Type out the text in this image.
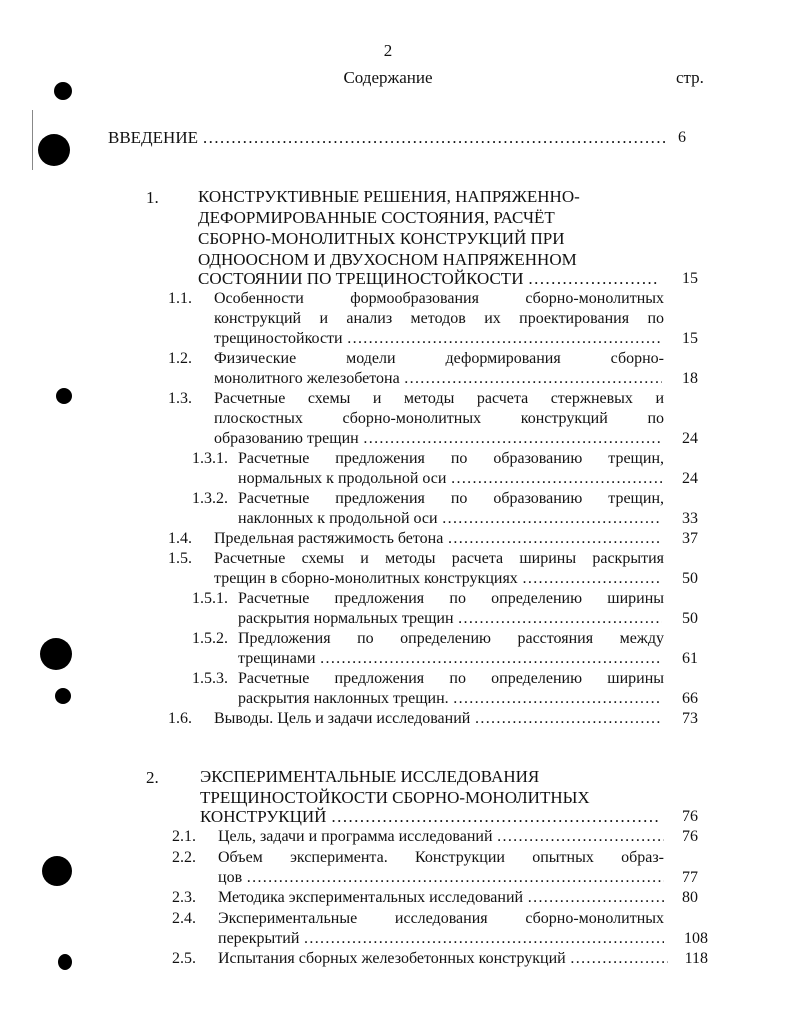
2
Содержание	стр.
ВВЕДЕНИЕ ……………………………………………………………………………………………………………………	6
1. КОНСТРУКТИВНЫЕ РЕШЕНИЯ, НАПРЯЖЕННО-
ДЕФОРМИРОВАННЫЕ СОСТОЯНИЯ, РАСЧЁТ
СБОРНО-МОНОЛИТНЫХ КОНСТРУКЦИЙ ПРИ
ОДНООСНОМ И ДВУХОСНОМ НАПРЯЖЕННОМ
СОСТОЯНИИ ПО ТРЕЩИНОСТОЙКОСТИ ……………………………………………………………………………………………………………………	15
1.1. Особенности формообразования сборно-монолитных
конструкций и анализ методов их проектирования по
трещиностойкости ……………………………………………………………………………………………………………………	15
1.2. Физические модели деформирования сборно-
монолитного железобетона ……………………………………………………………………………………………………………………	18
1.3. Расчетные схемы и методы расчета стержневых и
плоскостных сборно-монолитных конструкций по
образованию трещин ……………………………………………………………………………………………………………………	24
1.3.1. Расчетные предложения по образованию трещин,
нормальных к продольной оси ……………………………………………………………………………………………………………………	24
1.3.2. Расчетные предложения по образованию трещин,
наклонных к продольной оси ……………………………………………………………………………………………………………………	33
1.4. Предельная растяжимость бетона ……………………………………………………………………………………………………………………	37
1.5. Расчетные схемы и методы расчета ширины раскрытия
трещин в сборно-монолитных конструкциях ……………………………………………………………………………………………………………………	50
1.5.1. Расчетные предложения по определению ширины
раскрытия нормальных трещин ……………………………………………………………………………………………………………………	50
1.5.2. Предложения по определению расстояния между
трещинами ……………………………………………………………………………………………………………………	61
1.5.3. Расчетные предложения по определению ширины
раскрытия наклонных трещин. ……………………………………………………………………………………………………………………	66
1.6. Выводы. Цель и задачи исследований ……………………………………………………………………………………………………………………	73
2. ЭКСПЕРИМЕНТАЛЬНЫЕ ИССЛЕДОВАНИЯ
ТРЕЩИНОСТОЙКОСТИ СБОРНО-МОНОЛИТНЫХ
КОНСТРУКЦИЙ ……………………………………………………………………………………………………………………	76
2.1. Цель, задачи и программа исследований ……………………………………………………………………………………………………………………	76
2.2. Объем эксперимента. Конструкции опытных образ-
цов ……………………………………………………………………………………………………………………	77
2.3. Методика экспериментальных исследований ……………………………………………………………………………………………………………………	80
2.4. Экспериментальные исследования сборно-монолитных
перекрытий ……………………………………………………………………………………………………………………	108
2.5. Испытания сборных железобетонных конструкций ……………………………………………………………………………………………………………………	118
